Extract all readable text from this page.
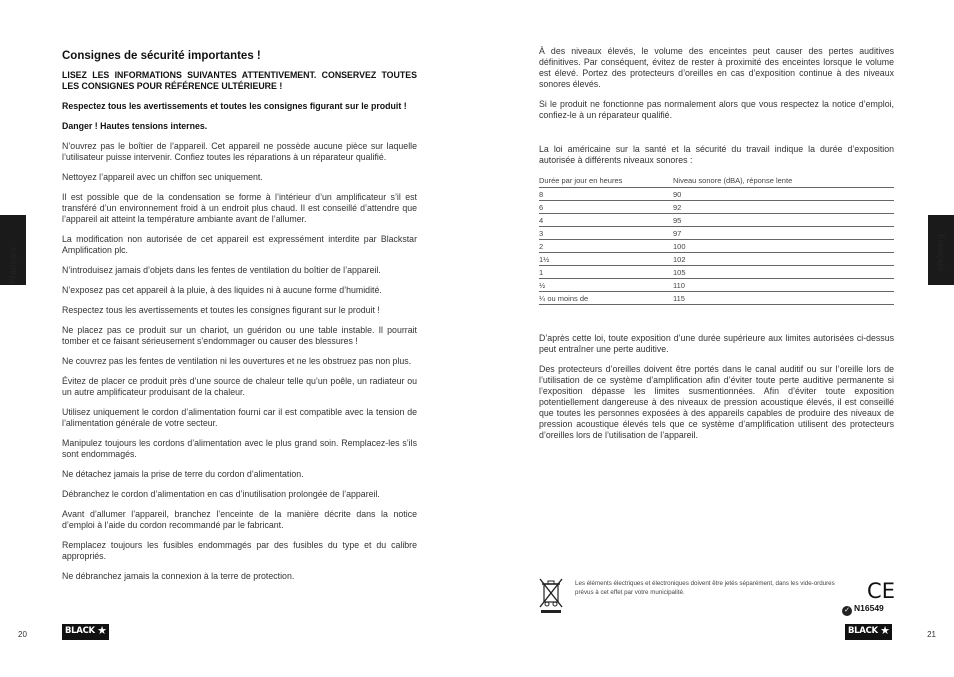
Français
Consignes de sécurité importantes !

LISEZ LES INFORMATIONS SUIVANTES ATTENTIVEMENT. CONSERVEZ TOUTES LES CONSIGNES POUR RÉFÉRENCE ULTÉRIEURE !

Respectez tous les avertissements et toutes les consignes figurant sur le produit !

Danger ! Hautes tensions internes.

N’ouvrez pas le boîtier de l’appareil. Cet appareil ne possède aucune pièce sur laquelle l’utilisateur puisse intervenir. Confiez toutes les réparations à un réparateur qualifié.

Nettoyez l’appareil avec un chiffon sec uniquement.

Il est possible que de la condensation se forme à l’intérieur d’un amplificateur s’il est transféré d’un environnement froid à un endroit plus chaud. Il est conseillé d’attendre que l’appareil ait atteint la température ambiante avant de l’allumer.

La modification non autorisée de cet appareil est expressément interdite par Blackstar Amplification plc.

N’introduisez jamais d’objets dans les fentes de ventilation du boîtier de l’appareil.

N’exposez pas cet appareil à la pluie, à des liquides ni à aucune forme d’humidité.

Respectez tous les avertissements et toutes les consignes figurant sur le produit !

Ne placez pas ce produit sur un chariot, un guéridon ou une table instable. Il pourrait tomber et ce faisant sérieusement s’endommager ou causer des blessures !

Ne couvrez pas les fentes de ventilation ni les ouvertures et ne les obstruez pas non plus.

Évitez de placer ce produit près d’une source de chaleur telle qu’un poêle, un radiateur ou un autre amplificateur produisant de la chaleur.

Utilisez uniquement le cordon d’alimentation fourni car il est compatible avec la tension de l’alimentation générale de votre secteur.

Manipulez toujours les cordons d’alimentation avec le plus grand soin. Remplacez-les s’ils sont endommagés.

Ne détachez jamais la prise de terre du cordon d’alimentation.

Débranchez le cordon d’alimentation en cas d’inutilisation prolongée de l’appareil.

Avant d’allumer l’appareil, branchez l’enceinte de la manière décrite dans la notice d’emploi à l’aide du cordon recommandé par le fabricant.

Remplacez toujours les fusibles endommagés par des fusibles du type et du calibre appropriés.

Ne débranchez jamais la connexion à la terre de protection.

20	BLACK ★
Français

À des niveaux élevés, le volume des enceintes peut causer des pertes auditives définitives. Par conséquent, évitez de rester à proximité des enceintes lorsque le volume est élevé. Portez des protecteurs d’oreilles en cas d’exposition continue à des niveaux sonores élevés.

Si le produit ne fonctionne pas normalement alors que vous respectez la notice d’emploi, confiez-le à un réparateur qualifié.

La loi américaine sur la santé et la sécurité du travail indique la durée d’exposition autorisée à différents niveaux sonores :

Durée par jour en heures	Niveau sonore (dBA), réponse lente
8	90
6	92
4	95
3	97
2	100
1½	102
1	105
½	110
¼ ou moins de	115

D’après cette loi, toute exposition d’une durée supérieure aux limites autorisées ci-dessus peut entraîner une perte auditive.

Des protecteurs d’oreilles doivent être portés dans le canal auditif ou sur l’oreille lors de l’utilisation de ce système d’amplification afin d’éviter toute perte auditive permanente si l’exposition dépasse les limites susmentionnées. Afin d’éviter toute exposition potentiellement dangereuse à des niveaux de pression acoustique élevés, il est conseillé que toutes les personnes exposées à des appareils capables de produire des niveaux de pression acoustique élevés tels que ce système d’amplification utilisent des protecteurs d’oreilles lors de l’utilisation de l’appareil.

Les éléments électriques et électroniques doivent être jetés séparément, dans les vide-ordures prévus à cet effet par votre municipalité.	CE
✓ N16549
21
BLACK ★
